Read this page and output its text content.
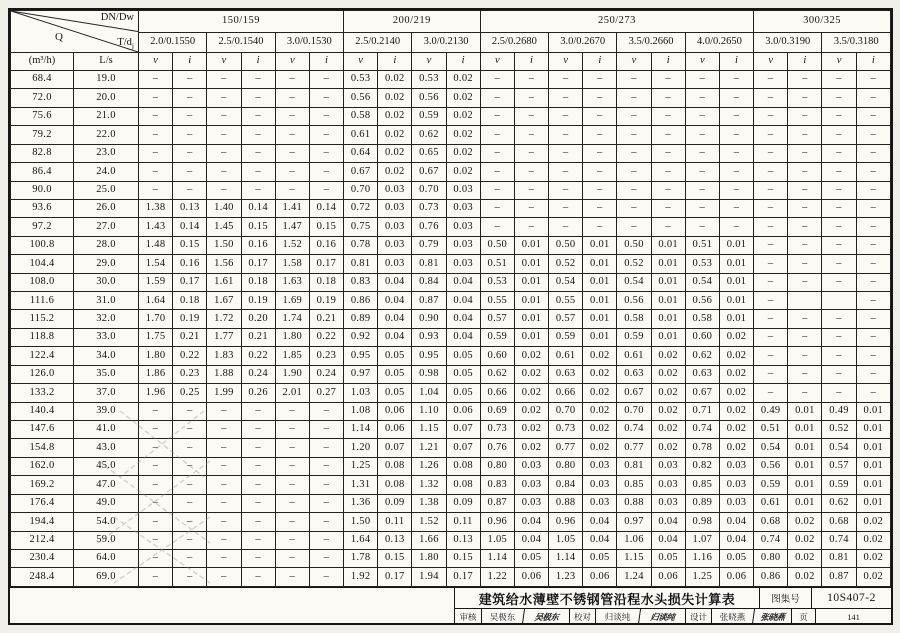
DN/Dw
Q $T/d_j$		150/159						200/219				250/273								300/325			
		2.0/0.1550		2.5/0.1540		3.0/0.1530		2.5/0.2140		3.0/0.2130		2.5/0.2680		3.0/0.2670		3.5/0.2660		4.0/0.2650		3.0/0.3190		3.5/0.3180	
(m³/h)	L/s	v	i	v	i	v	i	v	i	v	i	v	i	v	i	v	i	v	i	v	i	v	i
68.4	19.0	–	–	–	–	–	–	0.53	0.02	0.53	0.02	–	–	–	–	–	–	–	–	–	–	–	–
72.0	20.0	–	–	–	–	–	–	0.56	0.02	0.56	0.02	–	–	–	–	–	–	–	–	–	–	–	–
75.6	21.0	–	–	–	–	–	–	0.58	0.02	0.59	0.02	–	–	–	–	–	–	–	–	–	–	–	–
79.2	22.0	–	–	–	–	–	–	0.61	0.02	0.62	0.02	–	–	–	–	–	–	–	–	–	–	–	–
82.8	23.0	–	–	–	–	–	–	0.64	0.02	0.65	0.02	–	–	–	–	–	–	–	–	–	–	–	–
86.4	24.0	–	–	–	–	–	–	0.67	0.02	0.67	0.02	–	–	–	–	–	–	–	–	–	–	–	–
90.0	25.0	–	–	–	–	–	–	0.70	0.03	0.70	0.03	–	–	–	–	–	–	–	–	–	–	–	–
93.6	26.0	1.38	0.13	1.40	0.14	1.41	0.14	0.72	0.03	0.73	0.03	–	–	–	–	–	–	–	–	–	–	–	–
97.2	27.0	1.43	0.14	1.45	0.15	1.47	0.15	0.75	0.03	0.76	0.03	–	–	–	–	–	–	–	–	–	–	–	–
100.8	28.0	1.48	0.15	1.50	0.16	1.52	0.16	0.78	0.03	0.79	0.03	0.50	0.01	0.50	0.01	0.50	0.01	0.51	0.01	–	–	–	–
104.4	29.0	1.54	0.16	1.56	0.17	1.58	0.17	0.81	0.03	0.81	0.03	0.51	0.01	0.52	0.01	0.52	0.01	0.53	0.01	–	–	–	–
108.0	30.0	1.59	0.17	1.61	0.18	1.63	0.18	0.83	0.04	0.84	0.04	0.53	0.01	0.54	0.01	0.54	0.01	0.54	0.01	–	–	–	–
111.6	31.0	1.64	0.18	1.67	0.19	1.69	0.19	0.86	0.04	0.87	0.04	0.55	0.01	0.55	0.01	0.56	0.01	0.56	0.01	–			–
115.2	32.0	1.70	0.19	1.72	0.20	1.74	0.21	0.89	0.04	0.90	0.04	0.57	0.01	0.57	0.01	0.58	0.01	0.58	0.01	–	–	–	–
118.8	33.0	1.75	0.21	1.77	0.21	1.80	0.22	0.92	0.04	0.93	0.04	0.59	0.01	0.59	0.01	0.59	0.01	0.60	0.02	–	–	–	–
122.4	34.0	1.80	0.22	1.83	0.22	1.85	0.23	0.95	0.05	0.95	0.05	0.60	0.02	0.61	0.02	0.61	0.02	0.62	0.02	–	–	–	–
126.0	35.0	1.86	0.23	1.88	0.24	1.90	0.24	0.97	0.05	0.98	0.05	0.62	0.02	0.63	0.02	0.63	0.02	0.63	0.02	–	–	–	–
133.2	37.0	1.96	0.25	1.99	0.26	2.01	0.27	1.03	0.05	1.04	0.05	0.66	0.02	0.66	0.02	0.67	0.02	0.67	0.02	–	–	–	–
140.4	39.0	–	–	–	–	–	–	1.08	0.06	1.10	0.06	0.69	0.02	0.70	0.02	0.70	0.02	0.71	0.02	0.49	0.01	0.49	0.01
147.6	41.0	–	–	–	–	–	–	1.14	0.06	1.15	0.07	0.73	0.02	0.73	0.02	0.74	0.02	0.74	0.02	0.51	0.01	0.52	0.01
154.8	43.0	–	–	–	–	–	–	1.20	0.07	1.21	0.07	0.76	0.02	0.77	0.02	0.77	0.02	0.78	0.02	0.54	0.01	0.54	0.01
162.0	45.0	–	–	–	–	–	–	1.25	0.08	1.26	0.08	0.80	0.03	0.80	0.03	0.81	0.03	0.82	0.03	0.56	0.01	0.57	0.01
169.2	47.0	–	–	–	–	–	–	1.31	0.08	1.32	0.08	0.83	0.03	0.84	0.03	0.85	0.03	0.85	0.03	0.59	0.01	0.59	0.01
176.4	49.0	–	–	–	–	–	–	1.36	0.09	1.38	0.09	0.87	0.03	0.88	0.03	0.88	0.03	0.89	0.03	0.61	0.01	0.62	0.01
194.4	54.0	–	–	–	–	–	–	1.50	0.11	1.52	0.11	0.96	0.04	0.96	0.04	0.97	0.04	0.98	0.04	0.68	0.02	0.68	0.02
212.4	59.0	–	–	–	–	–	–	1.64	0.13	1.66	0.13	1.05	0.04	1.05	0.04	1.06	0.04	1.07	0.04	0.74	0.02	0.74	0.02
230.4	64.0	–	–	–	–	–	–	1.78	0.15	1.80	0.15	1.14	0.05	1.14	0.05	1.15	0.05	1.16	0.05	0.80	0.02	0.81	0.02
248.4	69.0	–	–	–	–	–	–	1.92	0.17	1.94	0.17	1.22	0.06	1.23	0.06	1.24	0.06	1.25	0.06	0.86	0.02	0.87	0.02
建筑给水薄壁不锈钢管沿程水头损失计算表	图集号	10S407-2
审核	吴极东	吴极东	校对	归谈纯	归谈纯	设计	张晓燕	张晓燕	页	141
